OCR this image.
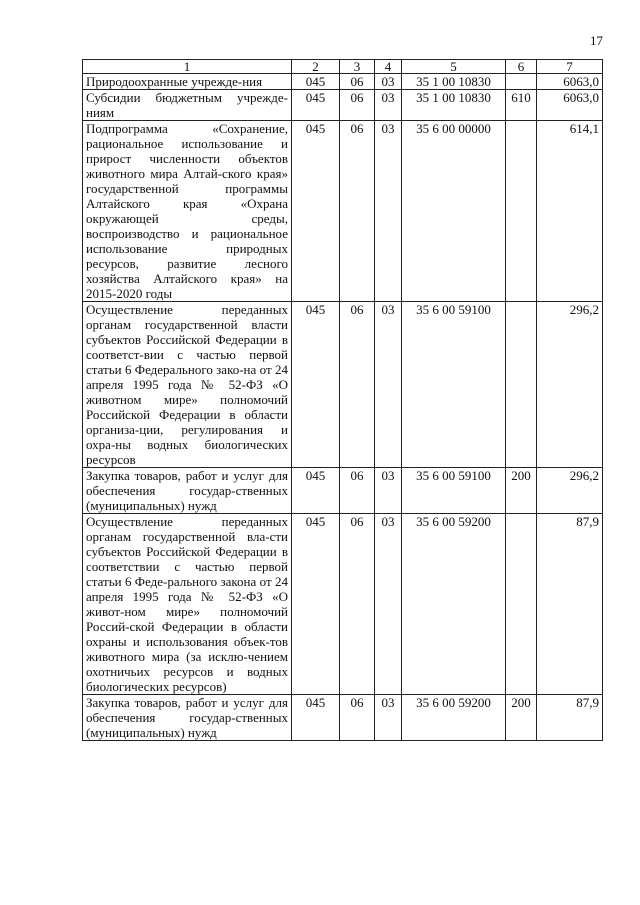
17
1	2	3	4	5	6	7
Природоохранные учрежде-ния	045	06	03	35 1 00 10830		6063,0
Субсидии бюджетным учрежде-ниям	045	06	03	35 1 00 10830	610	6063,0
Подпрограмма «Сохранение, рациональное использование и прирост численности объектов животного мира Алтай-ского края» государственной программы Алтайского края «Охрана окружающей среды, воспроизводство и рациональное использование природных ресурсов, развитие лесного хозяйства Алтайского края» на 2015-2020 годы	045	06	03	35 6 00 00000		614,1
Осуществление переданных органам государственной власти субъектов Российской Федерации в соответст-вии с частью первой статьи 6 Федерального зако-на от 24 апреля 1995 года № 52-ФЗ «О животном мире» полномочий Российской Федерации в области организа-ции, регулирования и охра-ны водных биологических ресурсов	045	06	03	35 6 00 59100		296,2
Закупка товаров, работ и услуг для обеспечения государ-ственных (муниципальных) нужд	045	06	03	35 6 00 59100	200	296,2
Осуществление переданных органам государственной вла-сти субъектов Российской Федерации в соответствии с частью первой статьи 6 Феде-рального закона от 24 апреля 1995 года № 52-ФЗ «О живот-ном мире» полномочий Россий-ской Федерации в области охраны и использования объек-тов животного мира (за исклю-чением охотничьих ресурсов и водных биологических ресурсов)	045	06	03	35 6 00 59200		87,9
Закупка товаров, работ и услуг для обеспечения государ-ственных (муниципальных) нужд	045	06	03	35 6 00 59200	200	87,9
